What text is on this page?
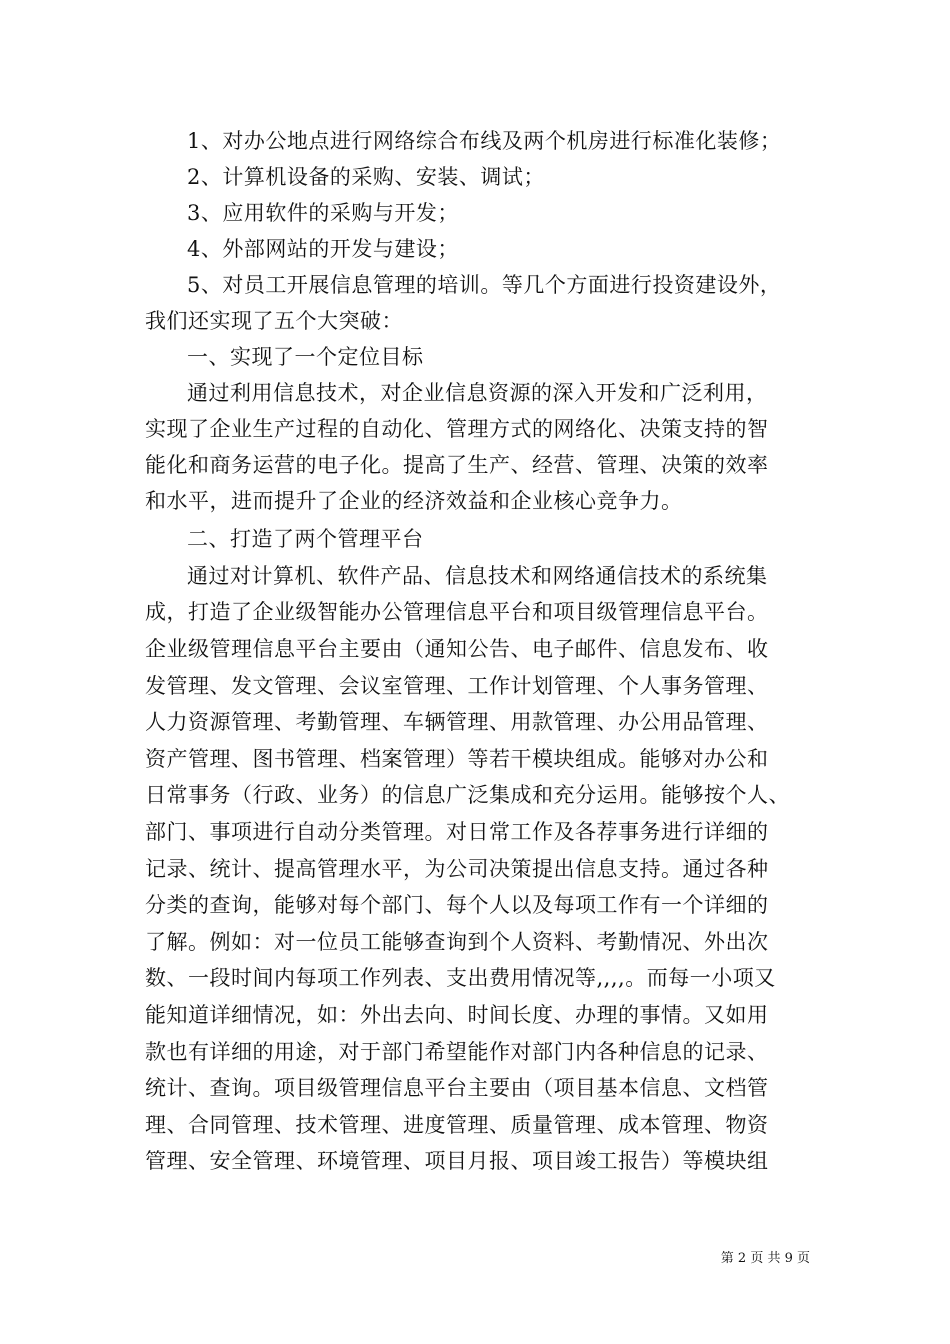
1、对办公地点进行网络综合布线及两个机房进行标准化装修；
2、计算机设备的采购、安装、调试；
3、应用软件的采购与开发；
4、外部网站的开发与建设；
5、对员工开展信息管理的培训。等几个方面进行投资建设外，
我们还实现了五个大突破：
一、实现了一个定位目标
通过利用信息技术，对企业信息资源的深入开发和广泛利用，
实现了企业生产过程的自动化、管理方式的网络化、决策支持的智
能化和商务运营的电子化。提高了生产、经营、管理、决策的效率
和水平，进而提升了企业的经济效益和企业核心竞争力。
二、打造了两个管理平台
通过对计算机、软件产品、信息技术和网络通信技术的系统集
成，打造了企业级智能办公管理信息平台和项目级管理信息平台。
企业级管理信息平台主要由（通知公告、电子邮件、信息发布、收
发管理、发文管理、会议室管理、工作计划管理、个人事务管理、
人力资源管理、考勤管理、车辆管理、用款管理、办公用品管理、
资产管理、图书管理、档案管理）等若干模块组成。能够对办公和
日常事务（行政、业务）的信息广泛集成和充分运用。能够按个人、
部门、事项进行自动分类管理。对日常工作及各荐事务进行详细的
记录、统计、提高管理水平，为公司决策提出信息支持。通过各种
分类的查询，能够对每个部门、每个人以及每项工作有一个详细的
了解。例如：对一位员工能够查询到个人资料、考勤情况、外出次
数、一段时间内每项工作列表、支出费用情况等,,,,。而每一小项又
能知道详细情况，如：外出去向、时间长度、办理的事情。又如用
款也有详细的用途，对于部门希望能作对部门内各种信息的记录、
统计、查询。项目级管理信息平台主要由（项目基本信息、文档管
理、合同管理、技术管理、进度管理、质量管理、成本管理、物资
管理、安全管理、环境管理、项目月报、项目竣工报告）等模块组
第 2 页 共 9 页
